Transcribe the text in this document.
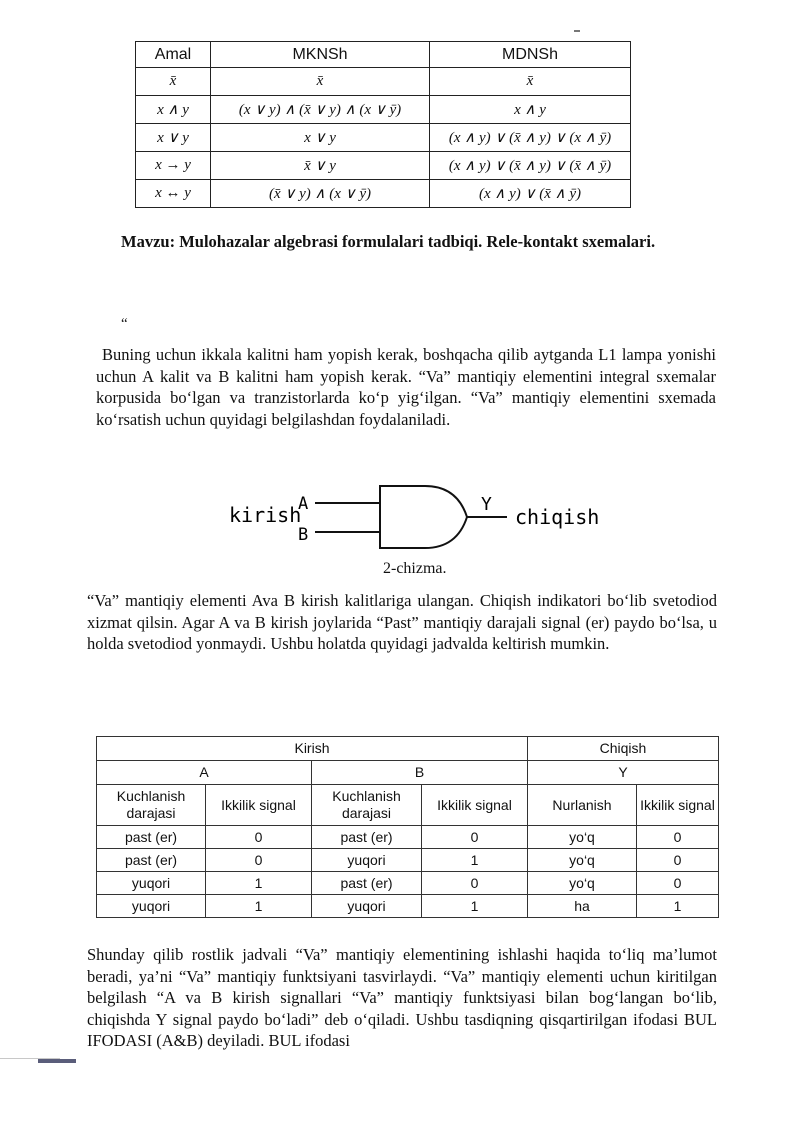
Amal	MKNSh	MDNSh
x̄	x̄	x̄
x ∧ y	(x ∨ y) ∧ (x̄ ∨ y) ∧ (x ∨ ȳ)	x ∧ y
x ∨ y	x ∨ y	(x ∧ y) ∨ (x̄ ∧ y) ∨ (x ∧ ȳ)
x → y	x̄ ∨ y	(x ∧ y) ∨ (x̄ ∧ y) ∨ (x̄ ∧ ȳ)
x ↔ y	(x̄ ∨ y) ∧ (x ∨ ȳ)	(x ∧ y) ∨ (x̄ ∧ ȳ)
Mavzu: Mulohazalar algebrasi formulalari tadbiqi. Rele-kontakt sxemalari.
“

Buning uchun ikkala kalitni ham yopish kerak, boshqacha qilib aytganda L1 lampa yonishi uchun A kalit va B kalitni ham yopish kerak. “Va” mantiqiy elementini integral sxemalar korpusida bo‘lgan va tranzistorlarda ko‘p yig‘ilgan. “Va” mantiqiy elementini sxemada ko‘rsatish uchun quyidagi belgilashdan foydalaniladi.

kirish
A
B
Y
chiqish
2-chizma.

“Va” mantiqiy elementi Ava B kirish kalitlariga ulangan. Chiqish indikatori bo‘lib svetodiod xizmat qilsin. Agar A va B kirish joylarida “Past” mantiqiy darajali signal (er) paydo bo‘lsa, u holda svetodiod yonmaydi. Ushbu holatda quyidagi jadvalda keltirish mumkin.

Kirish				Chiqish	
A		B		Y	
Kuchlanish darajasi	Ikkilik signal	Kuchlanish darajasi	Ikkilik signal	Nurlanish	Ikkilik signal
past (er)	0	past (er)	0	yo‘q	0
past (er)	0	yuqori	1	yo‘q	0
yuqori	1	past (er)	0	yo‘q	0
yuqori	1	yuqori	1	ha	1

Shunday qilib rostlik jadvali “Va” mantiqiy elementining ishlashi haqida to‘liq ma’lumot beradi, ya’ni “Va” mantiqiy funktsiyani tasvirlaydi. “Va” mantiqiy elementi uchun kiritilgan belgilash “A va B kirish signallari “Va” mantiqiy funktsiyasi bilan bog‘langan bo‘lib, chiqishda Y signal paydo bo‘ladi” deb o‘qiladi. Ushbu tasdiqning qisqartirilgan ifodasi BUL IFODASI (A&B) deyiladi. BUL ifodasi
